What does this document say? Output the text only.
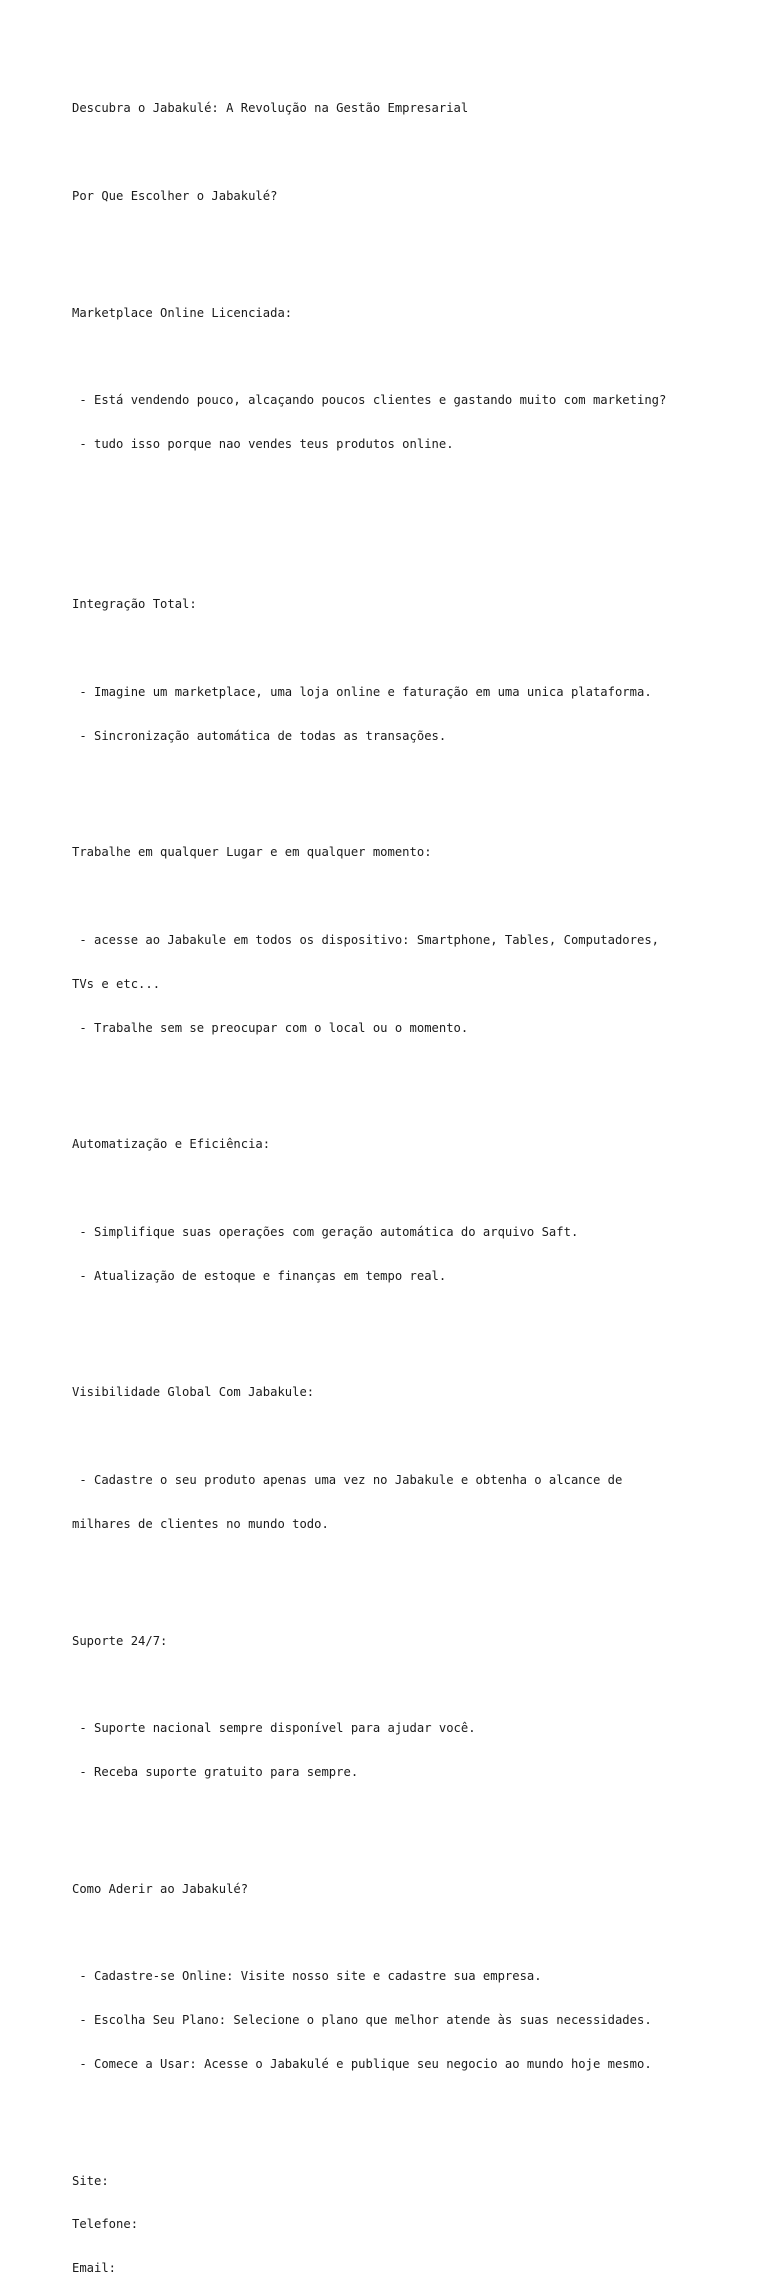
Descubra o Jabakulé: A Revolução na Gestão Empresarial

Por Que Escolher o Jabakulé?

Marketplace Online Licenciada:

- Está vendendo pouco, alcaçando poucos clientes e gastando muito com marketing?

- tudo isso porque nao vendes teus produtos online.

Integração Total:

- Imagine um marketplace, uma loja online e faturação em uma unica plataforma.

- Sincronização automática de todas as transações.

Trabalhe em qualquer Lugar e em qualquer momento:

- acesse ao Jabakule em todos os dispositivo: Smartphone, Tables, Computadores,

TVs e etc...

- Trabalhe sem se preocupar com o local ou o momento.

Automatização e Eficiência:

- Simplifique suas operações com geração automática do arquivo Saft.

- Atualização de estoque e finanças em tempo real.

Visibilidade Global Com Jabakule:

- Cadastre o seu produto apenas uma vez no Jabakule e obtenha o alcance de

milhares de clientes no mundo todo.

Suporte 24/7:

- Suporte nacional sempre disponível para ajudar você.

- Receba suporte gratuito para sempre.

Como Aderir ao Jabakulé?

- Cadastre-se Online: Visite nosso site e cadastre sua empresa.

- Escolha Seu Plano: Selecione o plano que melhor atende às suas necessidades.

- Comece a Usar: Acesse o Jabakulé e publique seu negocio ao mundo hoje mesmo.

Site:

Telefone:

Email:
